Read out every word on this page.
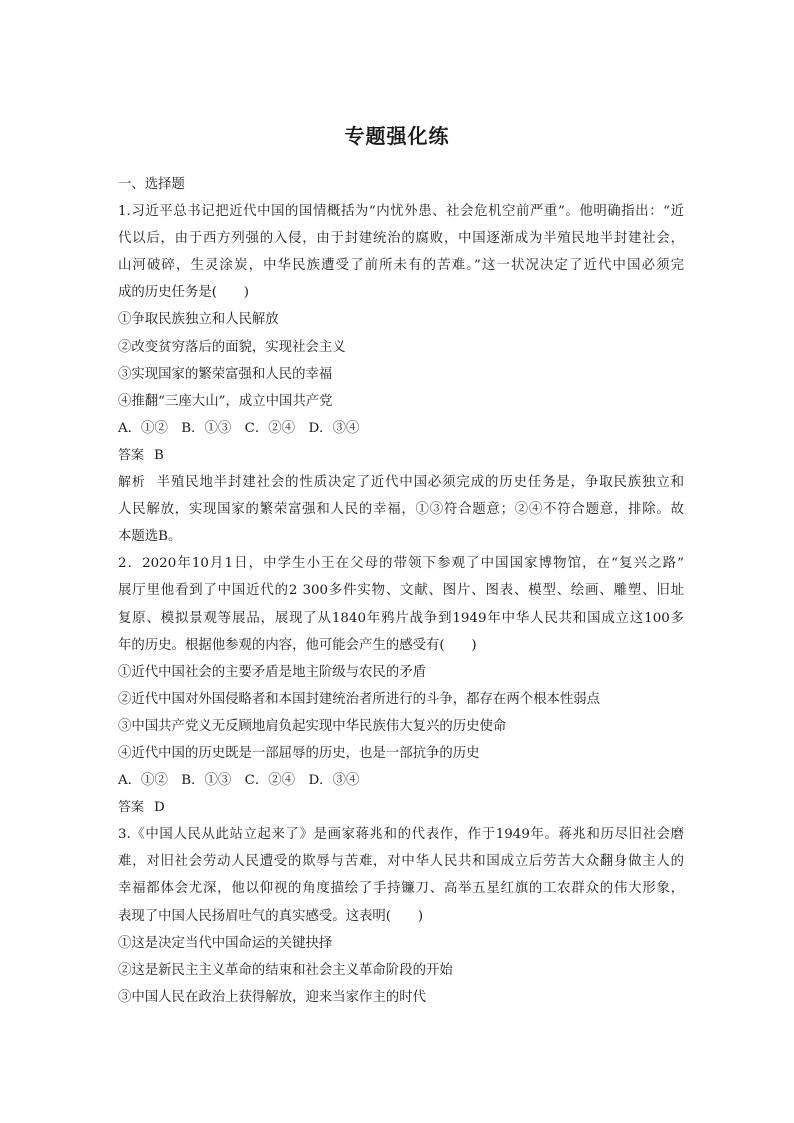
专题强化练
一、选择题
1.习近平总书记把近代中国的国情概括为“内忧外患、社会危机空前严重”。他明确指出：“近
代以后，由于西方列强的入侵，由于封建统治的腐败，中国逐渐成为半殖民地半封建社会，
山河破碎，生灵涂炭，中华民族遭受了前所未有的苦难。”这一状况决定了近代中国必须完
成的历史任务是(　　)
①争取民族独立和人民解放
②改变贫穷落后的面貌，实现社会主义
③实现国家的繁荣富强和人民的幸福
④推翻“三座大山”，成立中国共产党
A．①②　B．①③　C．②④　D．③④
答案 B
解析 半殖民地半封建社会的性质决定了近代中国必须完成的历史任务是，争取民族独立和
人民解放，实现国家的繁荣富强和人民的幸福，①③符合题意；②④不符合题意，排除。故
本题选B。
2．2020年10月1日，中学生小王在父母的带领下参观了中国国家博物馆，在“复兴之路”
展厅里他看到了中国近代的2 300多件实物、文献、图片、图表、模型、绘画、雕塑、旧址
复原、模拟景观等展品，展现了从1840年鸦片战争到1949年中华人民共和国成立这100多
年的历史。根据他参观的内容，他可能会产生的感受有(　　)
①近代中国社会的主要矛盾是地主阶级与农民的矛盾
②近代中国对外国侵略者和本国封建统治者所进行的斗争，都存在两个根本性弱点
③中国共产党义无反顾地肩负起实现中华民族伟大复兴的历史使命
④近代中国的历史既是一部屈辱的历史，也是一部抗争的历史
A．①②　B．①③　C．②④　D．③④
答案 D
3.《中国人民从此站立起来了》是画家蒋兆和的代表作，作于1949年。蒋兆和历尽旧社会磨
难，对旧社会劳动人民遭受的欺辱与苦难，对中华人民共和国成立后劳苦大众翻身做主人的
幸福都体会尤深，他以仰视的角度描绘了手持镰刀、高举五星红旗的工农群众的伟大形象，
表现了中国人民扬眉吐气的真实感受。这表明(　　)
①这是决定当代中国命运的关键抉择
②这是新民主主义革命的结束和社会主义革命阶段的开始
③中国人民在政治上获得解放，迎来当家作主的时代
